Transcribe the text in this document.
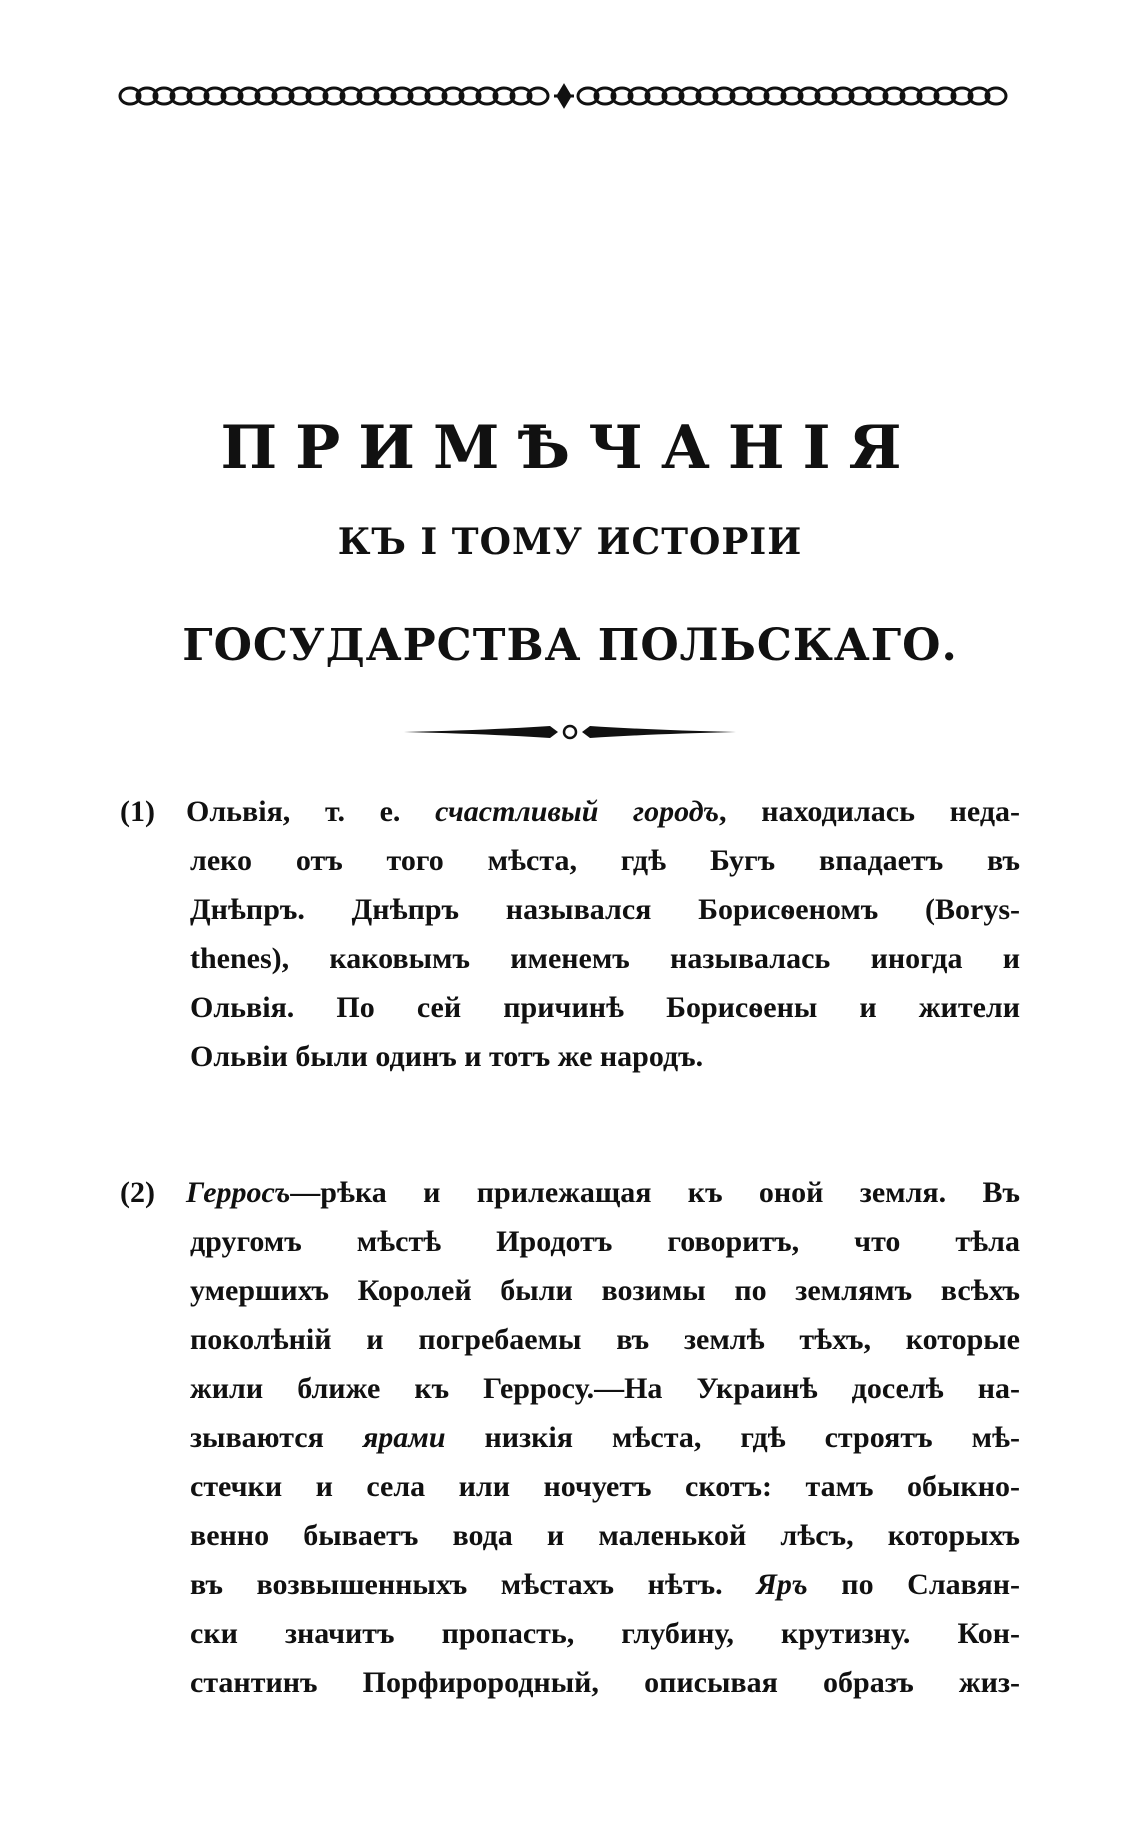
ПРИМѢЧАНІЯ
КЪ I ТОМУ ИСТОРІИ
ГОСУДАРСТВА ПОЛЬСКАГО.
(1) Ольвія, т. е. счастливый городъ, находилась неда-
леко отъ того мѣста, гдѣ Бугъ впадаетъ въ
Днѣпръ. Днѣпръ назывался Борисѳеномъ (Borys-
thenes), каковымъ именемъ называлась иногда и
Ольвія. По сей причинѣ Борисѳены и жители
Ольвіи были одинъ и тотъ же народъ.
(2) Герросъ—рѣка и прилежащая къ оной земля. Въ
другомъ мѣстѣ Иродотъ говоритъ, что тѣла
умершихъ Королей были возимы по землямъ всѣхъ
поколѣній и погребаемы въ землѣ тѣхъ, которые
жили ближе къ Герросу.—На Украинѣ доселѣ на-
зываются ярами низкія мѣста, гдѣ строятъ мѣ-
стечки и села или ночуетъ скотъ: тамъ обыкно-
венно бываетъ вода и маленькой лѣсъ, которыхъ
въ возвышенныхъ мѣстахъ нѣтъ. Яръ по Славян-
ски значитъ пропасть, глубину, крутизну. Кон-
стантинъ Порфирородный, описывая образъ жиз-
